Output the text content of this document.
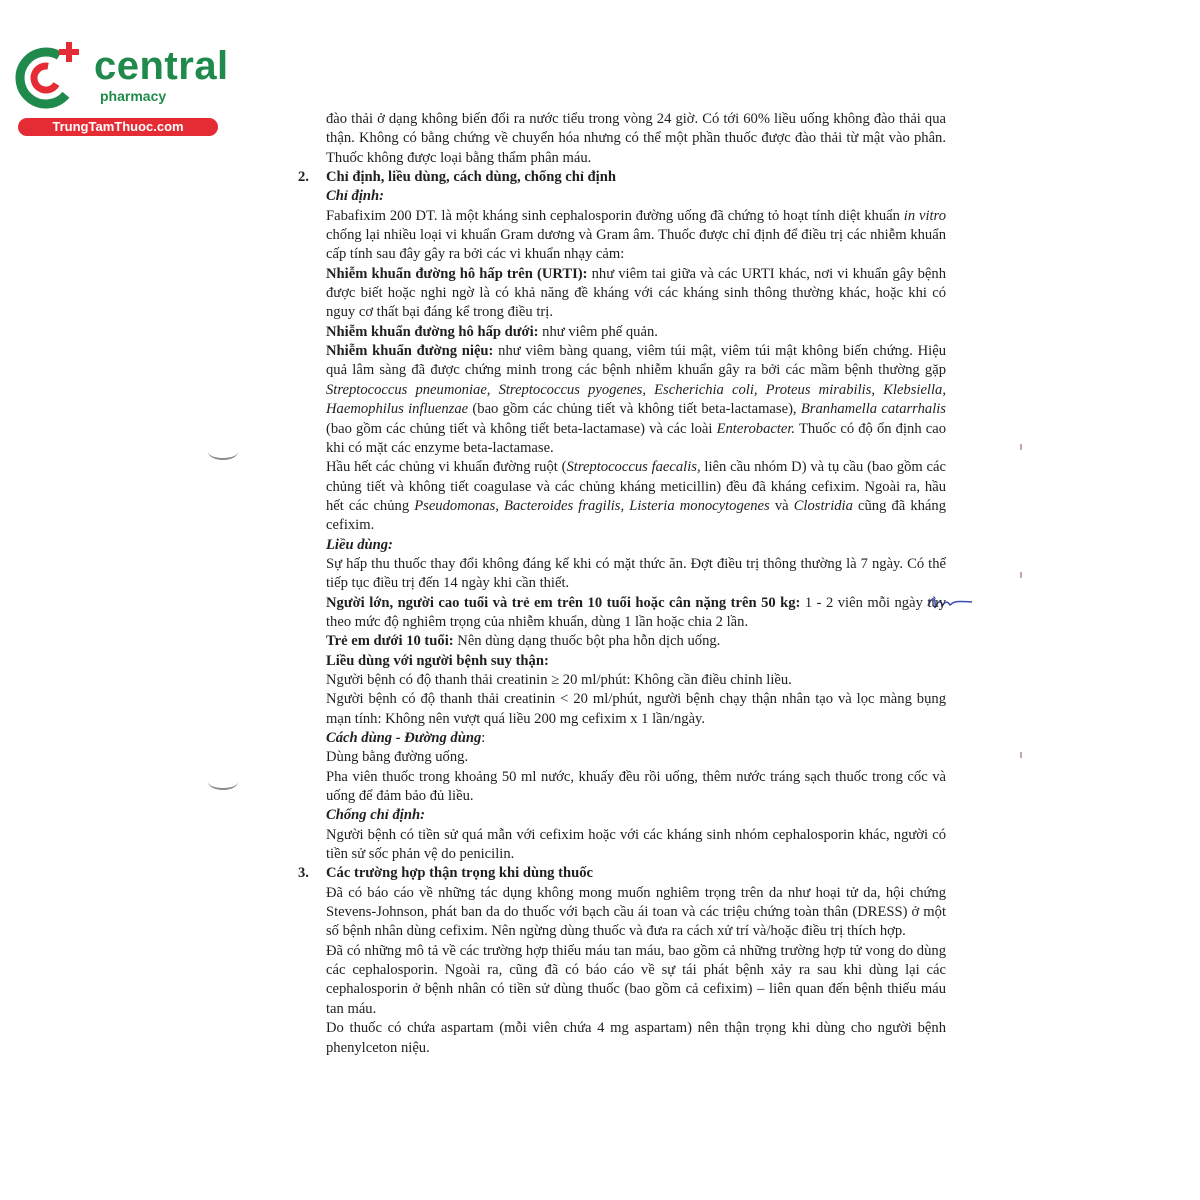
central
pharmacy
TrungTamThuoc.com	đào thải ở dạng không biến đổi ra nước tiểu trong vòng 24 giờ. Có tới 60% liều uống không đào thải qua thận. Không có bằng chứng về chuyển hóa nhưng có thể một phần thuốc được đào thải từ mật vào phân. Thuốc không được loại bằng thẩm phân máu.

2. Chỉ định, liều dùng, cách dùng, chống chỉ định

Chỉ định:

Fabafixim 200 DT. là một kháng sinh cephalosporin đường uống đã chứng tỏ hoạt tính diệt khuẩn in vitro chống lại nhiều loại vi khuẩn Gram dương và Gram âm. Thuốc được chỉ định để điều trị các nhiễm khuẩn cấp tính sau đây gây ra bởi các vi khuẩn nhạy cảm:

Nhiễm khuẩn đường hô hấp trên (URTI): như viêm tai giữa và các URTI khác, nơi vi khuẩn gây bệnh được biết hoặc nghi ngờ là có khả năng đề kháng với các kháng sinh thông thường khác, hoặc khi có nguy cơ thất bại đáng kể trong điều trị.

Nhiễm khuẩn đường hô hấp dưới: như viêm phế quản.

Nhiễm khuẩn đường niệu: như viêm bàng quang, viêm túi mật, viêm túi mật không biến chứng. Hiệu quả lâm sàng đã được chứng minh trong các bệnh nhiễm khuẩn gây ra bởi các mầm bệnh thường gặp Streptococcus pneumoniae, Streptococcus pyogenes, Escherichia coli, Proteus mirabilis, Klebsiella, Haemophilus influenzae (bao gồm các chủng tiết và không tiết beta-lactamase), Branhamella catarrhalis (bao gồm các chủng tiết và không tiết beta-lactamase) và các loài Enterobacter. Thuốc có độ ổn định cao khi có mặt các enzyme beta-lactamase.

Hầu hết các chủng vi khuẩn đường ruột (Streptococcus faecalis, liên cầu nhóm D) và tụ cầu (bao gồm các chủng tiết và không tiết coagulase và các chủng kháng meticillin) đều đã kháng cefixim. Ngoài ra, hầu hết các chủng Pseudomonas, Bacteroides fragilis, Listeria monocytogenes và Clostridia cũng đã kháng cefixim.

Liều dùng:

Sự hấp thu thuốc thay đổi không đáng kể khi có mặt thức ăn. Đợt điều trị thông thường là 7 ngày. Có thể tiếp tục điều trị đến 14 ngày khi cần thiết.

Người lớn, người cao tuổi và trẻ em trên 10 tuổi hoặc cân nặng trên 50 kg: 1 - 2 viên mỗi ngày tùy theo mức độ nghiêm trọng của nhiễm khuẩn, dùng 1 lần hoặc chia 2 lần.

Trẻ em dưới 10 tuổi: Nên dùng dạng thuốc bột pha hỗn dịch uống.

Liều dùng với người bệnh suy thận:

Người bệnh có độ thanh thải creatinin ≥ 20 ml/phút: Không cần điều chỉnh liều.

Người bệnh có độ thanh thải creatinin < 20 ml/phút, người bệnh chạy thận nhân tạo và lọc màng bụng mạn tính: Không nên vượt quá liều 200 mg cefixim x 1 lần/ngày.

Cách dùng - Đường dùng:

Dùng bằng đường uống.

Pha viên thuốc trong khoảng 50 ml nước, khuấy đều rồi uống, thêm nước tráng sạch thuốc trong cốc và uống để đảm bảo đủ liều.

Chống chỉ định:

Người bệnh có tiền sử quá mẫn với cefixim hoặc với các kháng sinh nhóm cephalosporin khác, người có tiền sử sốc phản vệ do penicilin.

3. Các trường hợp thận trọng khi dùng thuốc

Đã có báo cáo về những tác dụng không mong muốn nghiêm trọng trên da như hoại tử da, hội chứng Stevens-Johnson, phát ban da do thuốc với bạch cầu ái toan và các triệu chứng toàn thân (DRESS) ở một số bệnh nhân dùng cefixim. Nên ngừng dùng thuốc và đưa ra cách xử trí và/hoặc điều trị thích hợp.

Đã có những mô tả về các trường hợp thiếu máu tan máu, bao gồm cả những trường hợp tử vong do dùng các cephalosporin. Ngoài ra, cũng đã có báo cáo về sự tái phát bệnh xảy ra sau khi dùng lại các cephalosporin ở bệnh nhân có tiền sử dùng thuốc (bao gồm cả cefixim) – liên quan đến bệnh thiếu máu tan máu.

Do thuốc có chứa aspartam (mỗi viên chứa 4 mg aspartam) nên thận trọng khi dùng cho người bệnh phenylceton niệu.
